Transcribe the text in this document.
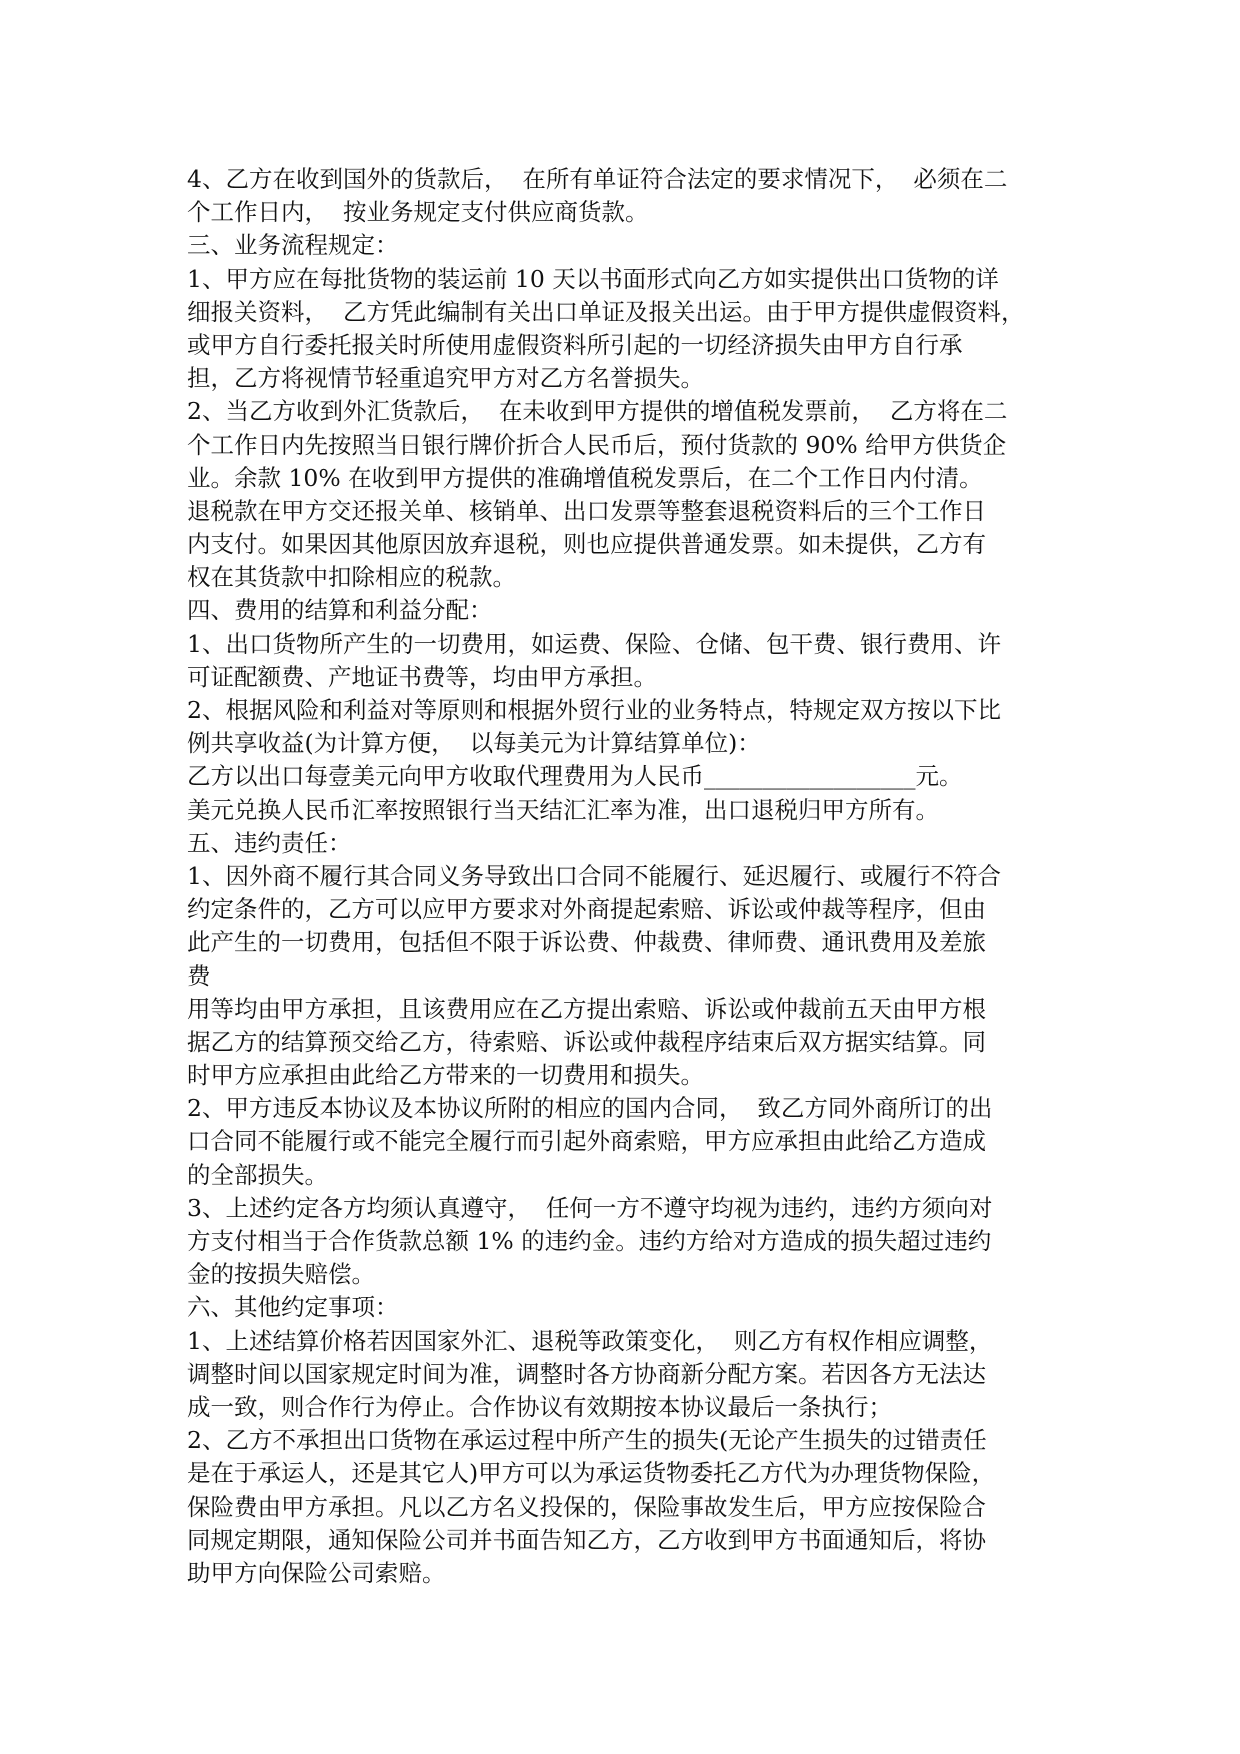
4、乙方在收到国外的货款后，  在所有单证符合法定的要求情况下，  必须在二
个工作日内，  按业务规定支付供应商货款。
三、业务流程规定：
1、甲方应在每批货物的装运前 10 天以书面形式向乙方如实提供出口货物的详
细报关资料，  乙方凭此编制有关出口单证及报关出运。由于甲方提供虚假资料，
或甲方自行委托报关时所使用虚假资料所引起的一切经济损失由甲方自行承
担，乙方将视情节轻重追究甲方对乙方名誉损失。
2、当乙方收到外汇货款后，  在未收到甲方提供的增值税发票前，  乙方将在二
个工作日内先按照当日银行牌价折合人民币后，预付货款的 90% 给甲方供货企
业。余款 10% 在收到甲方提供的准确增值税发票后，在二个工作日内付清。
退税款在甲方交还报关单、核销单、出口发票等整套退税资料后的三个工作日
内支付。如果因其他原因放弃退税，则也应提供普通发票。如未提供，乙方有
权在其货款中扣除相应的税款。
四、费用的结算和利益分配：
1、出口货物所产生的一切费用，如运费、保险、仓储、包干费、银行费用、许
可证配额费、产地证书费等，均由甲方承担。
2、根据风险和利益对等原则和根据外贸行业的业务特点，特规定双方按以下比
例共享收益(为计算方便，  以每美元为计算结算单位)：
乙方以出口每壹美元向甲方收取代理费用为人民币__________________元。
美元兑换人民币汇率按照银行当天结汇汇率为准，出口退税归甲方所有。
五、违约责任：
1、因外商不履行其合同义务导致出口合同不能履行、延迟履行、或履行不符合
约定条件的，乙方可以应甲方要求对外商提起索赔、诉讼或仲裁等程序，但由
此产生的一切费用，包括但不限于诉讼费、仲裁费、律师费、通讯费用及差旅
费
用等均由甲方承担，且该费用应在乙方提出索赔、诉讼或仲裁前五天由甲方根
据乙方的结算预交给乙方，待索赔、诉讼或仲裁程序结束后双方据实结算。同
时甲方应承担由此给乙方带来的一切费用和损失。
2、甲方违反本协议及本协议所附的相应的国内合同，  致乙方同外商所订的出
口合同不能履行或不能完全履行而引起外商索赔，甲方应承担由此给乙方造成
的全部损失。
3、上述约定各方均须认真遵守，  任何一方不遵守均视为违约，违约方须向对
方支付相当于合作货款总额 1% 的违约金。违约方给对方造成的损失超过违约
金的按损失赔偿。
六、其他约定事项：
1、上述结算价格若因国家外汇、退税等政策变化，  则乙方有权作相应调整，
调整时间以国家规定时间为准，调整时各方协商新分配方案。若因各方无法达
成一致，则合作行为停止。合作协议有效期按本协议最后一条执行；
2、乙方不承担出口货物在承运过程中所产生的损失(无论产生损失的过错责任
是在于承运人，还是其它人)甲方可以为承运货物委托乙方代为办理货物保险，
保险费由甲方承担。凡以乙方名义投保的，保险事故发生后，甲方应按保险合
同规定期限，通知保险公司并书面告知乙方，乙方收到甲方书面通知后，将协
助甲方向保险公司索赔。
